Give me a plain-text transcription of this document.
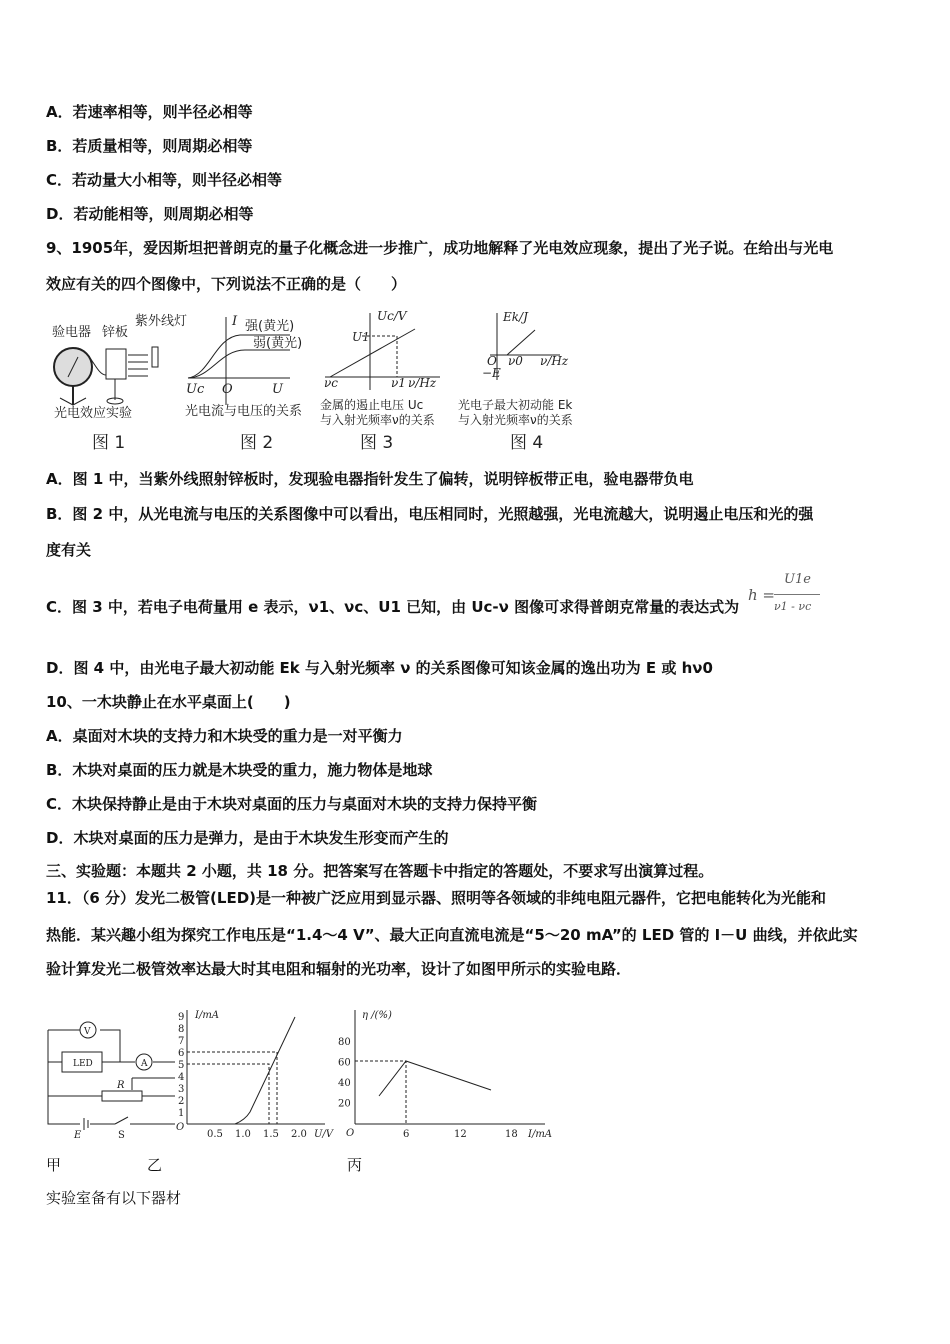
A．若速率相等，则半径必相等
B．若质量相等，则周期必相等
C．若动量大小相等，则半径必相等
D．若动能相等，则周期必相等
9、1905年，爱因斯坦把普朗克的量子化概念进一步推广，成功地解释了光电效应现象，提出了光子说。在给出与光电
效应有关的四个图像中，下列说法不正确的是（　　）
验电器 锌板
紫外线灯
光电效应实验
图 1
I 强(黄光)
弱(黄光)
Uc O	U
光电流与电压的关系
图 2
Uc/V
U1
νc	ν1 ν/Hz
金属的遏止电压 Uc
与入射光频率ν的关系
图 3
Ek/J
O ν0 ν/Hz
−E
光电子最大初动能 Ek
与入射光频率ν的关系
图 4
A．图 1 中，当紫外线照射锌板时，发现验电器指针发生了偏转，说明锌板带正电，验电器带负电
B．图 2 中，从光电流与电压的关系图像中可以看出，电压相同时，光照越强，光电流越大，说明遏止电压和光的强
度有关
C．图 3 中，若电子电荷量用 e 表示，ν1、νc、U1 已知，由 Uc-ν 图像可求得普朗克常量的表达式为
h =
U1e
ν1 - νc
D．图 4 中，由光电子最大初动能 Ek 与入射光频率 ν 的关系图像可知该金属的逸出功为 E 或 hν0
10、一木块静止在水平桌面上(　　)
A．桌面对木块的支持力和木块受的重力是一对平衡力
B．木块对桌面的压力就是木块受的重力，施力物体是地球
C．木块保持静止是由于木块对桌面的压力与桌面对木块的支持力保持平衡
D．木块对桌面的压力是弹力，是由于木块发生形变而产生的
三、实验题：本题共 2 小题，共 18 分。把答案写在答题卡中指定的答题处，不要求写出演算过程。
11．（6 分）发光二极管(LED)是一种被广泛应用到显示器、照明等各领域的非纯电阻元器件，它把电能转化为光能和
热能．某兴趣小组为探究工作电压是“1.4～4 V”、最大正向直流电流是“5～20 mA”的 LED 管的 I－U 曲线，并依此实
验计算发光二极管效率达最大时其电阻和辐射的光功率，设计了如图甲所示的实验电路．
V
LED	A
R
E	S
I/mA
O
1
2
3
4
5
6
7
8
9
0.5 1.0 1.5 2.0 U/V
η /(%)
O
20
40
60
80
6	12	18 I/mA
甲	乙	丙
实验室备有以下器材
